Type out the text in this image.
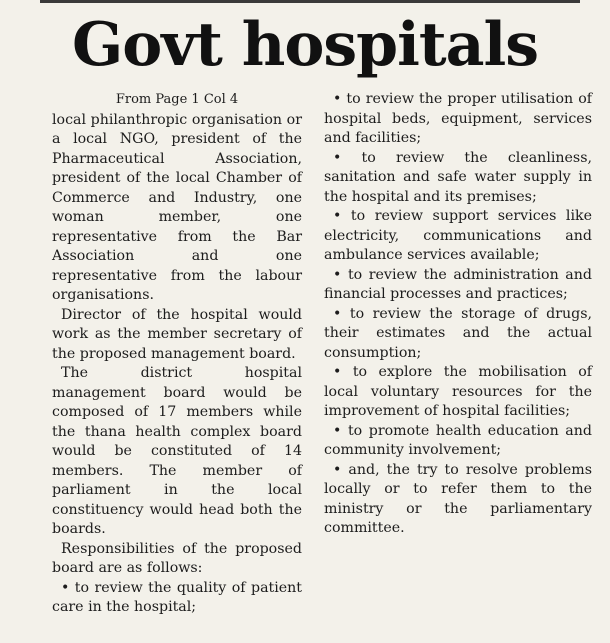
Govt hospitals

From Page 1 Col 4

local philanthropic organisation or a local NGO, president of the Pharmaceutical Association, president of the local Chamber of Commerce and Industry, one woman member, one representative from the Bar Association and one representative from the labour organisations.

Director of the hospital would work as the member secretary of the proposed management board.

The district hospital management board would be composed of 17 members while the thana health complex board would be constituted of 14 members. The member of parliament in the local constituency would head both the boards.

Responsibilities of the proposed board are as follows:

• to review the quality of patient care in the hospital;

• to review the proper utilisation of hospital beds, equipment, services and facilities;

• to review the cleanliness, sanitation and safe water supply in the hospital and its premises;

• to review support services like electricity, communications and ambulance services available;

• to review the administration and financial processes and practices;

• to review the storage of drugs, their estimates and the actual consumption;

• to explore the mobilisation of local voluntary resources for the improvement of hospital facilities;

• to promote health education and community involvement;

• and, the try to resolve problems locally or to refer them to the ministry or the parliamentary committee.
